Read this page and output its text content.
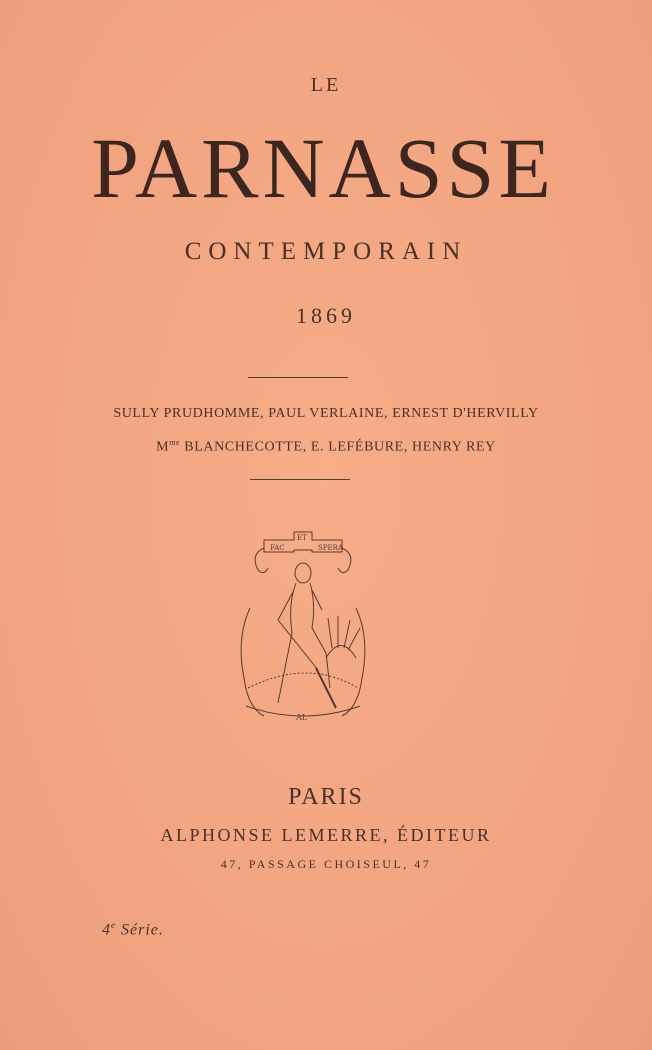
LE
PARNASSE
CONTEMPORAIN
1869
SULLY PRUDHOMME, PAUL VERLAINE, ERNEST D'HERVILLY
$M^{me}$ BLANCHECOTTE, E. LEFÉBURE, HENRY REY
FAC
ET
SPERA
AL
PARIS
ALPHONSE LEMERRE, ÉDITEUR
47, PASSAGE CHOISEUL, 47
4e Série.
